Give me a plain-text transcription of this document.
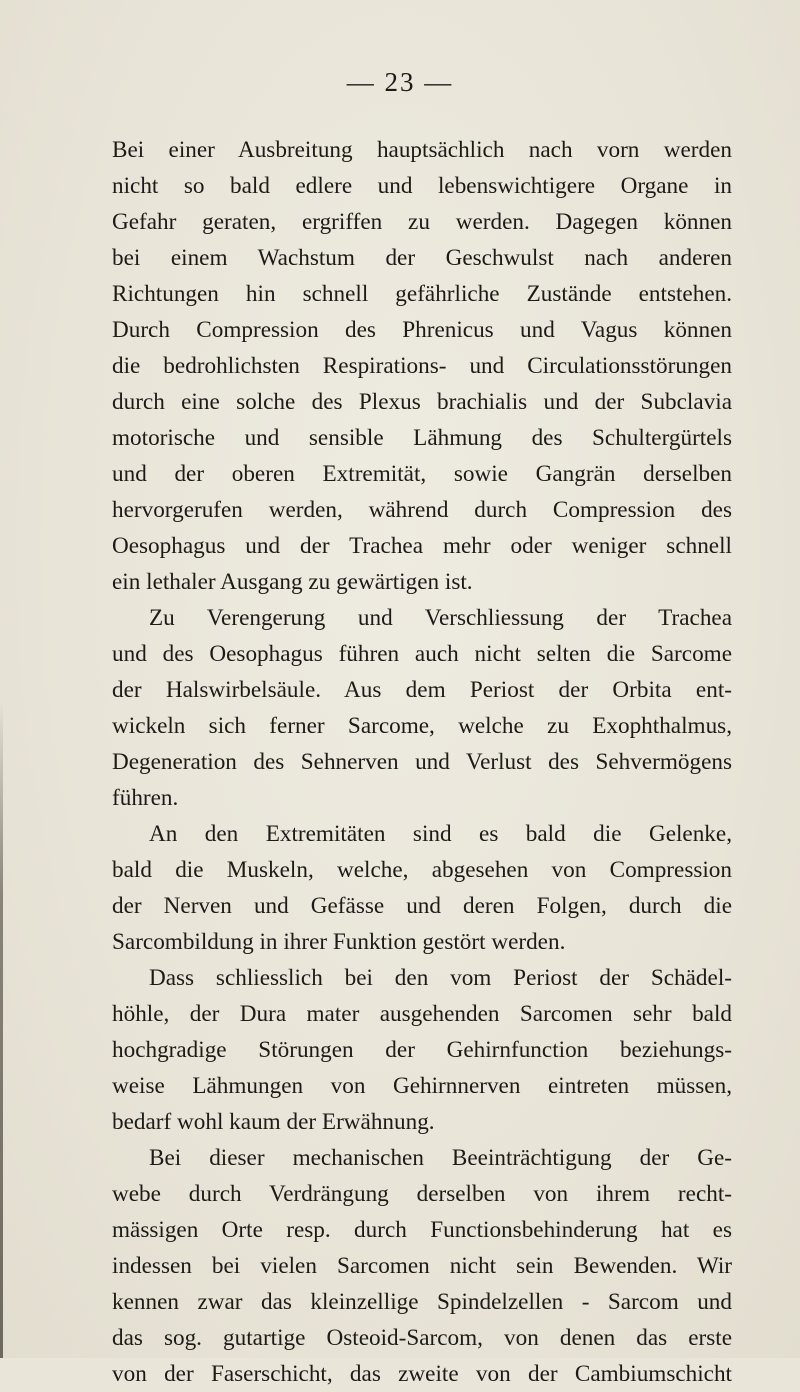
— 23 —
Bei einer Ausbreitung hauptsächlich nach vorn werden
nicht so bald edlere und lebenswichtigere Organe in
Gefahr geraten, ergriffen zu werden. Dagegen können
bei einem Wachstum der Geschwulst nach anderen
Richtungen hin schnell gefährliche Zustände entstehen.
Durch Compression des Phrenicus und Vagus können
die bedrohlichsten Respirations- und Circulationsstörungen
durch eine solche des Plexus brachialis und der Subclavia
motorische und sensible Lähmung des Schultergürtels
und der oberen Extremität, sowie Gangrän derselben
hervorgerufen werden, während durch Compression des
Oesophagus und der Trachea mehr oder weniger schnell
ein lethaler Ausgang zu gewärtigen ist.
Zu Verengerung und Verschliessung der Trachea
und des Oesophagus führen auch nicht selten die Sarcome
der Halswirbelsäule. Aus dem Periost der Orbita ent-
wickeln sich ferner Sarcome, welche zu Exophthalmus,
Degeneration des Sehnerven und Verlust des Sehvermögens
führen.
An den Extremitäten sind es bald die Gelenke,
bald die Muskeln, welche, abgesehen von Compression
der Nerven und Gefässe und deren Folgen, durch die
Sarcombildung in ihrer Funktion gestört werden.
Dass schliesslich bei den vom Periost der Schädel-
höhle, der Dura mater ausgehenden Sarcomen sehr bald
hochgradige Störungen der Gehirnfunction beziehungs-
weise Lähmungen von Gehirnnerven eintreten müssen,
bedarf wohl kaum der Erwähnung.
Bei dieser mechanischen Beeinträchtigung der Ge-
webe durch Verdrängung derselben von ihrem recht-
mässigen Orte resp. durch Functionsbehinderung hat es
indessen bei vielen Sarcomen nicht sein Bewenden. Wir
kennen zwar das kleinzellige Spindelzellen - Sarcom und
das sog. gutartige Osteoid-Sarcom, von denen das erste
von der Faserschicht, das zweite von der Cambiumschicht
